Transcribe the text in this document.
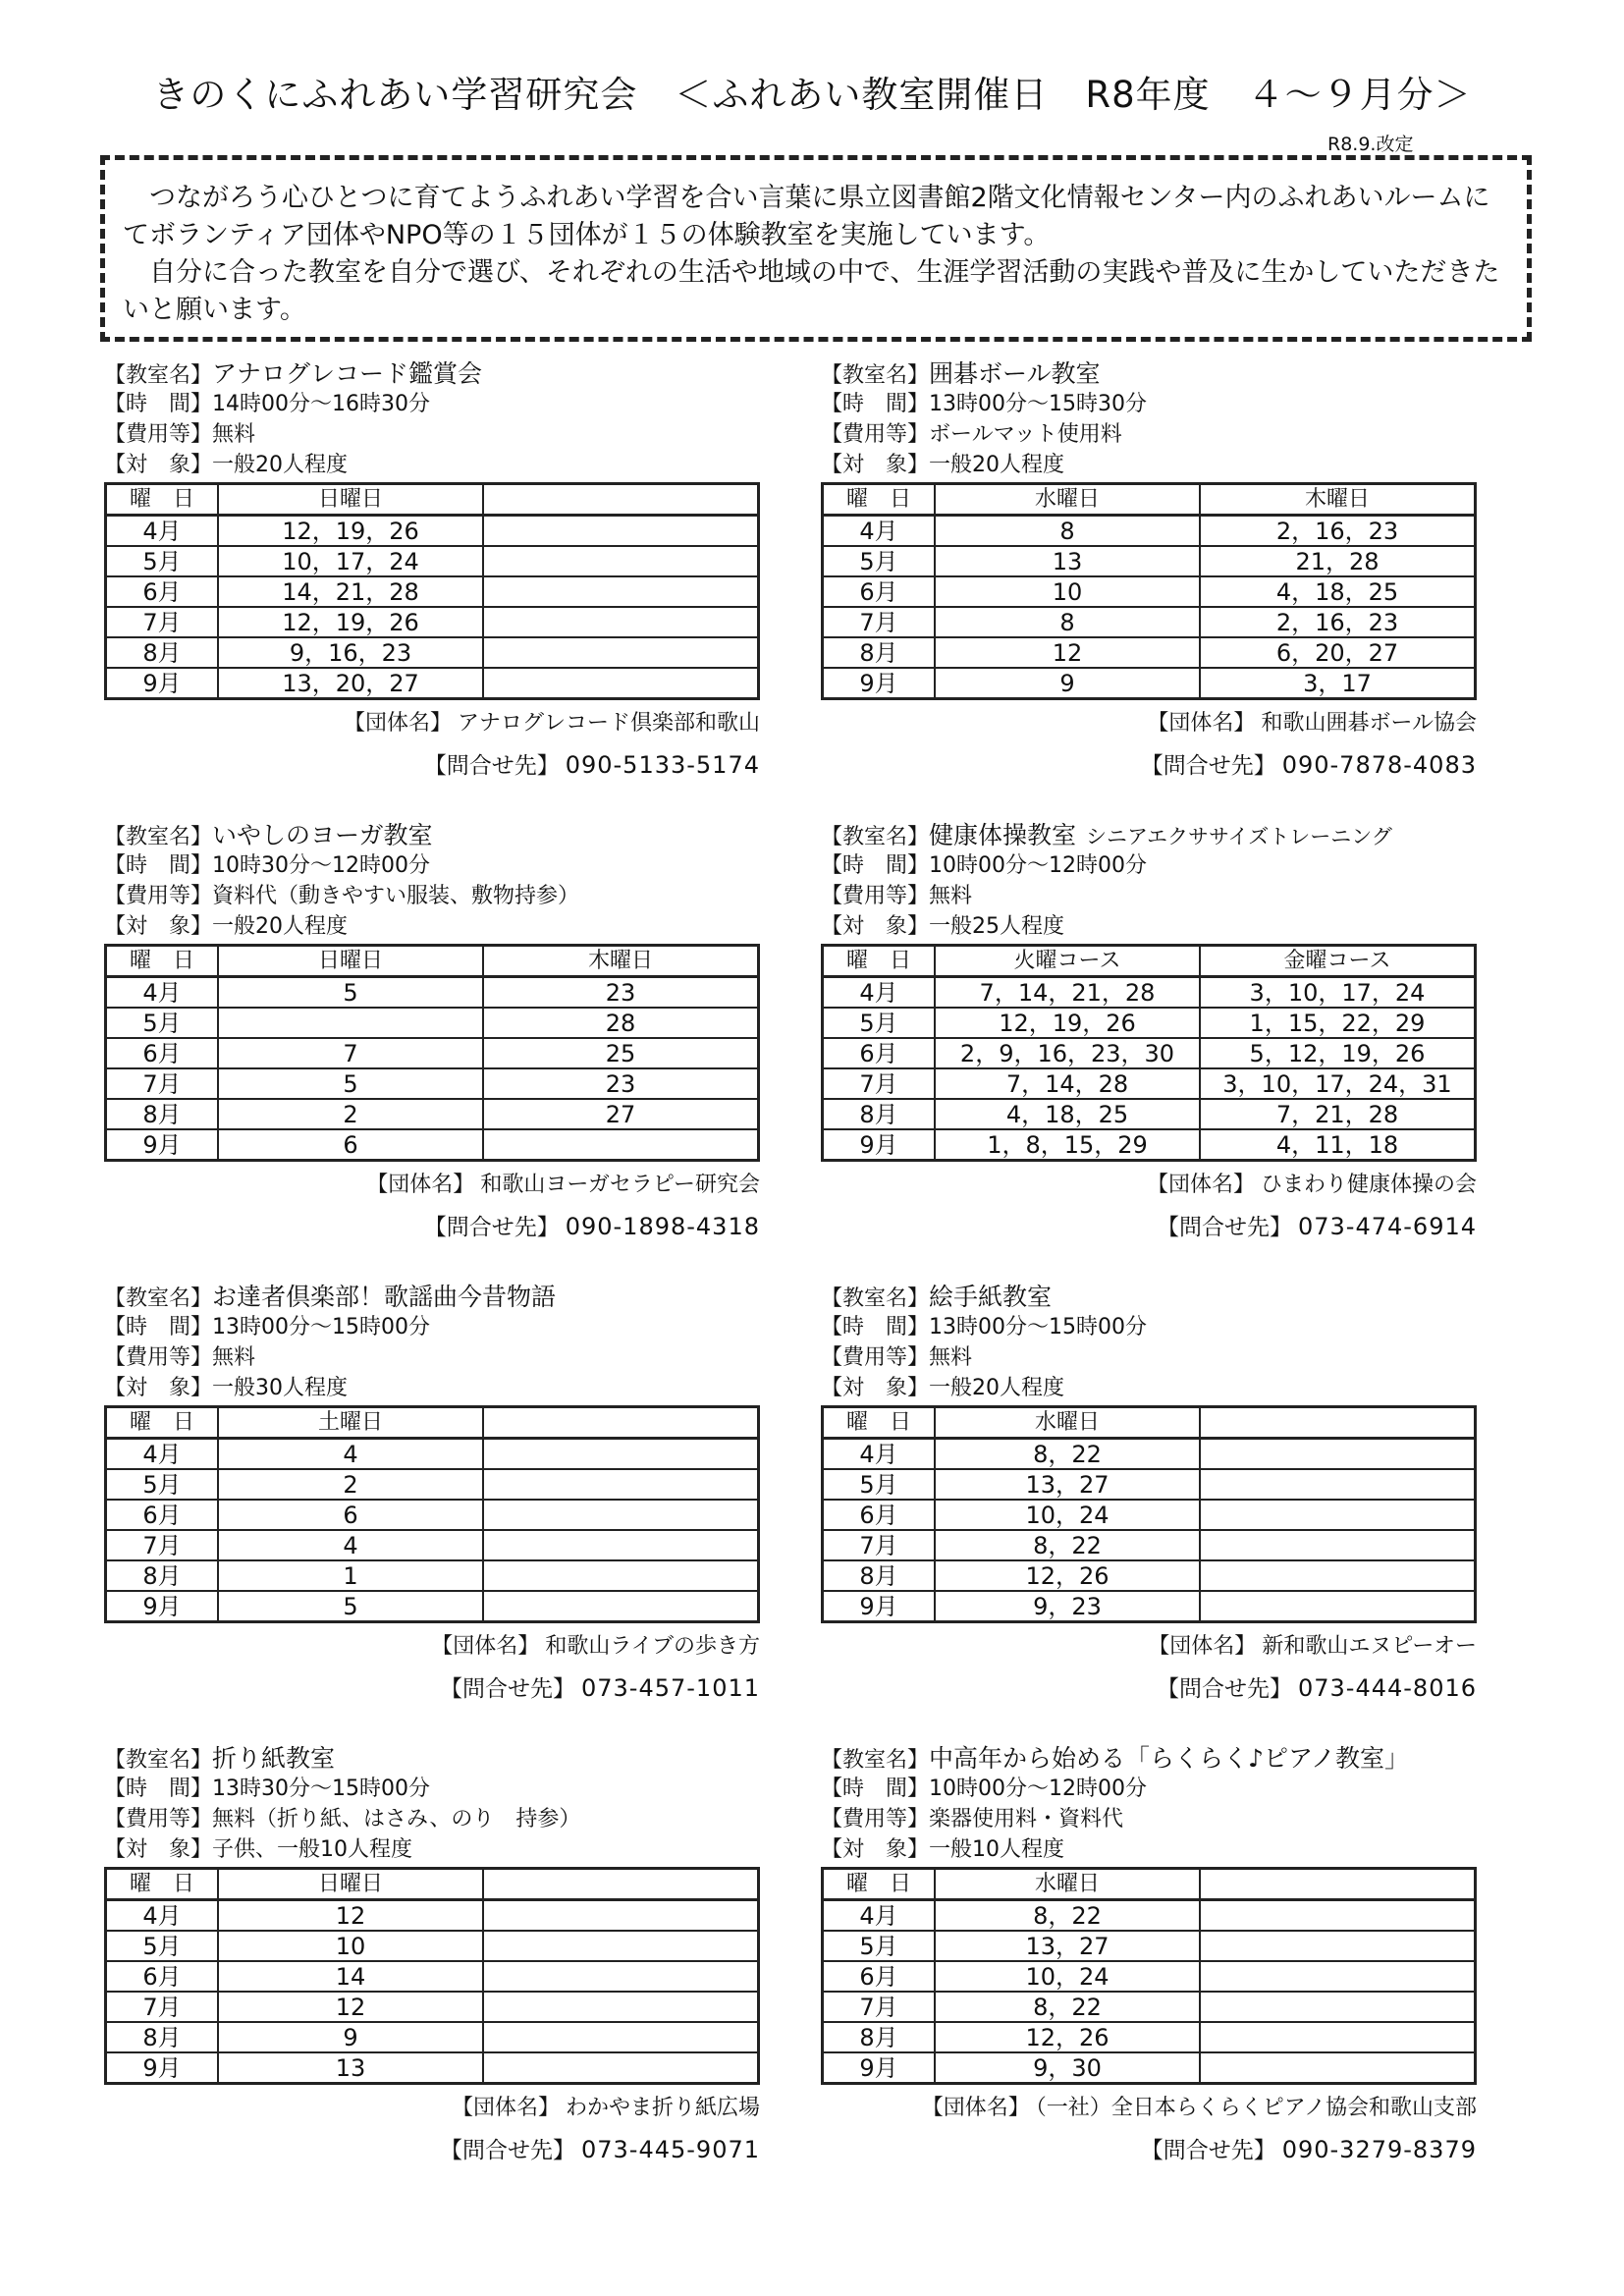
きのくにふれあい学習研究会　＜ふれあい教室開催日　R8年度　４～９月分＞
R8.9.改定

つながろう心ひとつに育てようふれあい学習を合い言葉に県立図書館2階文化情報センター内のふれあいルームにてボランティア団体やNPO等の１５団体が１５の体験教室を実施しています。

自分に合った教室を自分で選び、それぞれの生活や地域の中で、生涯学習活動の実践や普及に生かしていただきたいと願います。

【教室名】アナログレコード鑑賞会
【時　間】14時00分～16時30分
【費用等】無料
【対　象】一般20人程度
曜　日	日曜日	
4月	12，19，26	
5月	10，17，24	
6月	14，21，28	
7月	12，19，26	
8月	9，16，23	
9月	13，20，27	
【団体名】 アナログレコード倶楽部和歌山
【問合せ先】 090-5133-5174
【教室名】囲碁ボール教室
【時　間】13時00分～15時30分
【費用等】ボールマット使用料
【対　象】一般20人程度
曜　日	水曜日	木曜日
4月	8	2，16，23
5月	13	21，28
6月	10	4，18，25
7月	8	2，16，23
8月	12	6，20，27
9月	9	3，17
【団体名】 和歌山囲碁ボール協会
【問合せ先】 090-7878-4083
【教室名】いやしのヨーガ教室
【時　間】10時30分～12時00分
【費用等】資料代（動きやすい服装、敷物持参）
【対　象】一般20人程度
曜　日	日曜日	木曜日
4月	5	23
5月		28
6月	7	25
7月	5	23
8月	2	27
9月	6	
【団体名】 和歌山ヨーガセラピー研究会
【問合せ先】 090-1898-4318
【教室名】健康体操教室 シニアエクササイズトレーニング
【時　間】10時00分～12時00分
【費用等】無料
【対　象】一般25人程度
曜　日	火曜コース	金曜コース
4月	7，14，21，28	3，10，17，24
5月	12，19，26	1，15，22，29
6月	2，9，16，23，30	5，12，19，26
7月	7，14，28	3，10，17，24，31
8月	4，18，25	7，21，28
9月	1，8，15，29	4，11，18
【団体名】 ひまわり健康体操の会
【問合せ先】 073-474-6914
【教室名】お達者倶楽部！歌謡曲今昔物語
【時　間】13時00分～15時00分
【費用等】無料
【対　象】一般30人程度
曜　日	土曜日	
4月	4	
5月	2	
6月	6	
7月	4	
8月	1	
9月	5	
【団体名】 和歌山ライブの歩き方
【問合せ先】 073-457-1011
【教室名】絵手紙教室
【時　間】13時00分～15時00分
【費用等】無料
【対　象】一般20人程度
曜　日	水曜日	
4月	8，22	
5月	13，27	
6月	10，24	
7月	8，22	
8月	12，26	
9月	9，23	
【団体名】 新和歌山エヌピーオー
【問合せ先】 073-444-8016
【教室名】折り紙教室
【時　間】13時30分～15時00分
【費用等】無料（折り紙、はさみ、のり　持参）
【対　象】子供、一般10人程度
曜　日	日曜日	
4月	12	
5月	10	
6月	14	
7月	12	
8月	9	
9月	13	
【団体名】 わかやま折り紙広場
【問合せ先】 073-445-9071
【教室名】中高年から始める「らくらく♪ピアノ教室」
【時　間】10時00分～12時00分
【費用等】楽器使用料・資料代
【対　象】一般10人程度
曜　日	水曜日	
4月	8，22	
5月	13，27	
6月	10，24	
7月	8，22	
8月	12，26	
9月	9，30	
【団体名】 （一社）全日本らくらくピアノ協会和歌山支部
【問合せ先】 090-3279-8379
